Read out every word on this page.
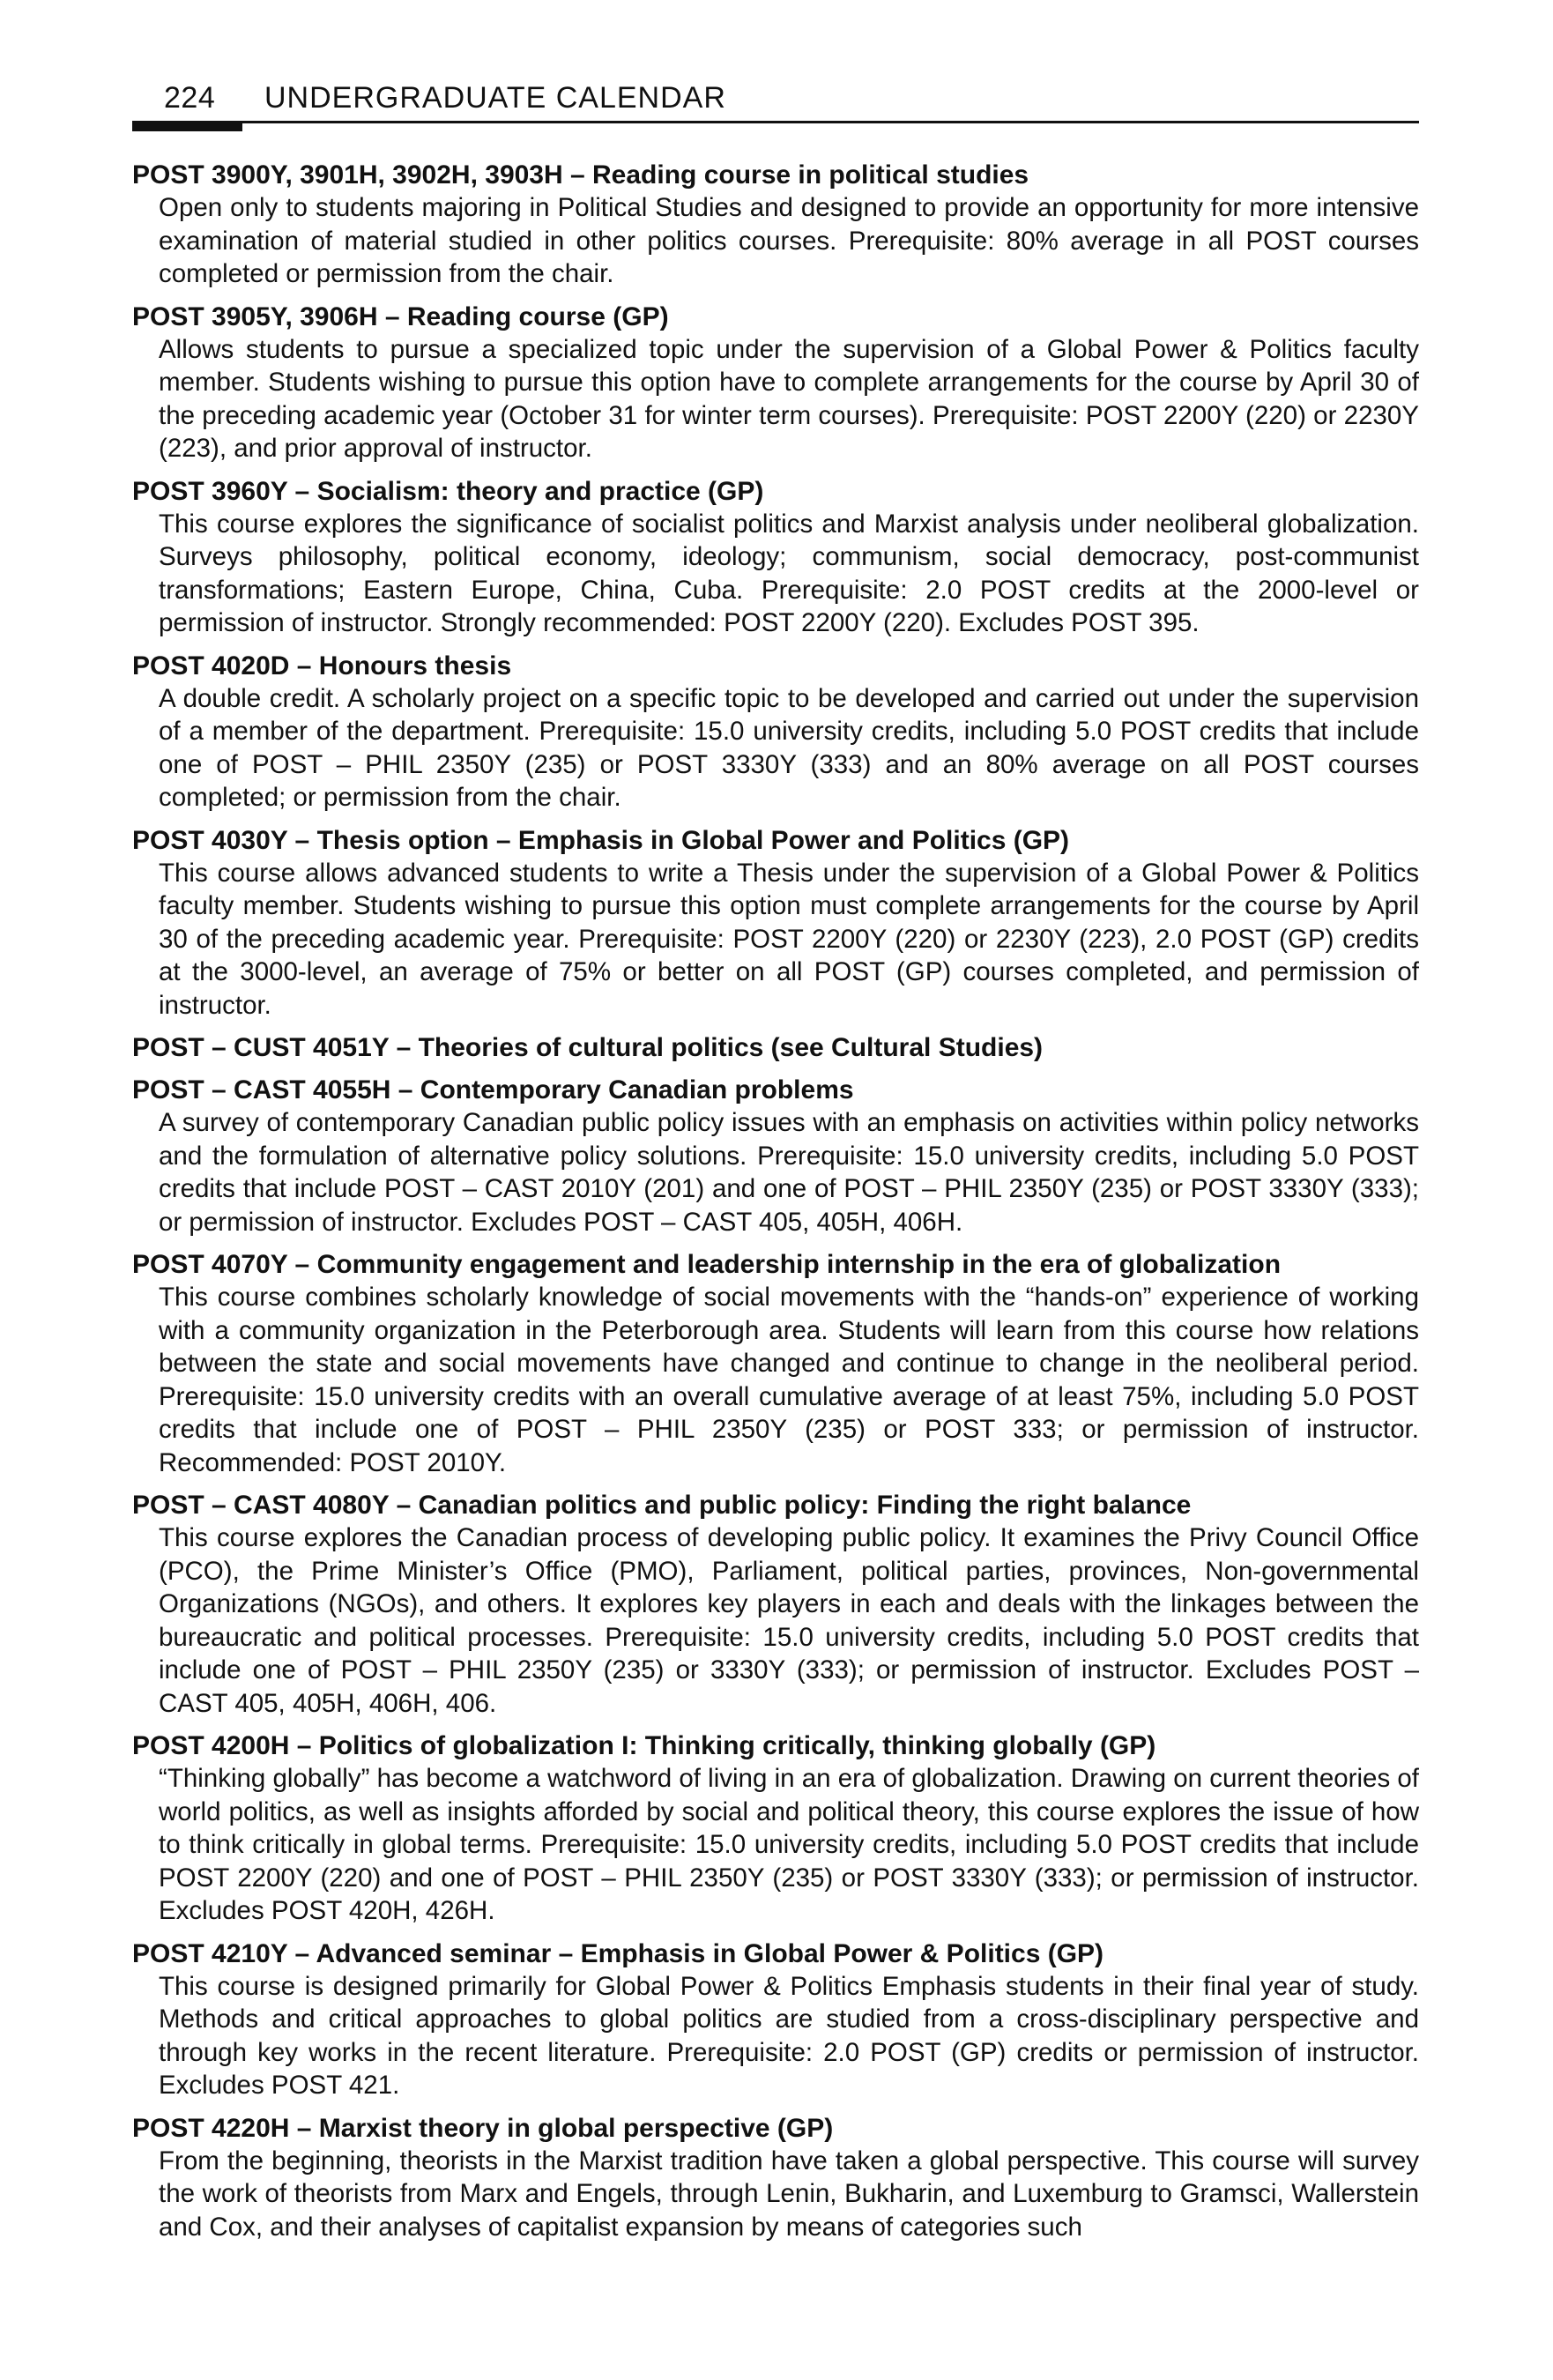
224 UNDERGRADUATE CALENDAR

POST 3900Y, 3901H, 3902H, 3903H – Reading course in political studies

Open only to students majoring in Political Studies and designed to provide an opportunity for more intensive examination of material studied in other politics courses. Prerequisite: 80% average in all POST courses completed or permission from the chair.

POST 3905Y, 3906H – Reading course (GP)

Allows students to pursue a specialized topic under the supervision of a Global Power & Politics faculty member. Students wishing to pursue this option have to complete arrangements for the course by April 30 of the preceding academic year (October 31 for winter term courses). Prerequisite: POST 2200Y (220) or 2230Y (223), and prior approval of instructor.

POST 3960Y – Socialism: theory and practice (GP)

This course explores the significance of socialist politics and Marxist analysis under neoliberal globalization. Surveys philosophy, political economy, ideology; communism, social democracy, post-communist transformations; Eastern Europe, China, Cuba. Prerequisite: 2.0 POST credits at the 2000-level or permission of instructor. Strongly recommended: POST 2200Y (220). Excludes POST 395.

POST 4020D – Honours thesis

A double credit. A scholarly project on a specific topic to be developed and carried out under the supervision of a member of the department. Prerequisite: 15.0 university credits, including 5.0 POST credits that include one of POST – PHIL 2350Y (235) or POST 3330Y (333) and an 80% average on all POST courses completed; or permission from the chair.

POST 4030Y – Thesis option – Emphasis in Global Power and Politics (GP)

This course allows advanced students to write a Thesis under the supervision of a Global Power & Politics faculty member. Students wishing to pursue this option must complete arrangements for the course by April 30 of the preceding academic year. Prerequisite: POST 2200Y (220) or 2230Y (223), 2.0 POST (GP) credits at the 3000-level, an average of 75% or better on all POST (GP) courses completed, and permission of instructor.

POST – CUST 4051Y – Theories of cultural politics (see Cultural Studies)

POST – CAST 4055H – Contemporary Canadian problems

A survey of contemporary Canadian public policy issues with an emphasis on activities within policy networks and the formulation of alternative policy solutions. Prerequisite: 15.0 university credits, including 5.0 POST credits that include POST – CAST 2010Y (201) and one of POST – PHIL 2350Y (235) or POST 3330Y (333); or permission of instructor. Excludes POST – CAST 405, 405H, 406H.

POST 4070Y – Community engagement and leadership internship in the era of globalization

This course combines scholarly knowledge of social movements with the “hands-on” experience of working with a community organization in the Peterborough area. Students will learn from this course how relations between the state and social movements have changed and continue to change in the neoliberal period. Prerequisite: 15.0 university credits with an overall cumulative average of at least 75%, including 5.0 POST credits that include one of POST – PHIL 2350Y (235) or POST 333; or permission of instructor. Recommended: POST 2010Y.

POST – CAST 4080Y – Canadian politics and public policy: Finding the right balance

This course explores the Canadian process of developing public policy. It examines the Privy Council Office (PCO), the Prime Minister’s Office (PMO), Parliament, political parties, provinces, Non-governmental Organizations (NGOs), and others. It explores key players in each and deals with the linkages between the bureaucratic and political processes. Prerequisite: 15.0 university credits, including 5.0 POST credits that include one of POST – PHIL 2350Y (235) or 3330Y (333); or permission of instructor. Excludes POST – CAST 405, 405H, 406H, 406.

POST 4200H – Politics of globalization I: Thinking critically, thinking globally (GP)

“Thinking globally” has become a watchword of living in an era of globalization. Drawing on current theories of world politics, as well as insights afforded by social and political theory, this course explores the issue of how to think critically in global terms. Prerequisite: 15.0 university credits, including 5.0 POST credits that include POST 2200Y (220) and one of POST – PHIL 2350Y (235) or POST 3330Y (333); or permission of instructor. Excludes POST 420H, 426H.

POST 4210Y – Advanced seminar – Emphasis in Global Power & Politics (GP)

This course is designed primarily for Global Power & Politics Emphasis students in their final year of study. Methods and critical approaches to global politics are studied from a cross-disciplinary perspective and through key works in the recent literature. Prerequisite: 2.0 POST (GP) credits or permission of instructor. Excludes POST 421.

POST 4220H – Marxist theory in global perspective (GP)

From the beginning, theorists in the Marxist tradition have taken a global perspective. This course will survey the work of theorists from Marx and Engels, through Lenin, Bukharin, and Luxemburg to Gramsci, Wallerstein and Cox, and their analyses of capitalist expansion by means of categories such
